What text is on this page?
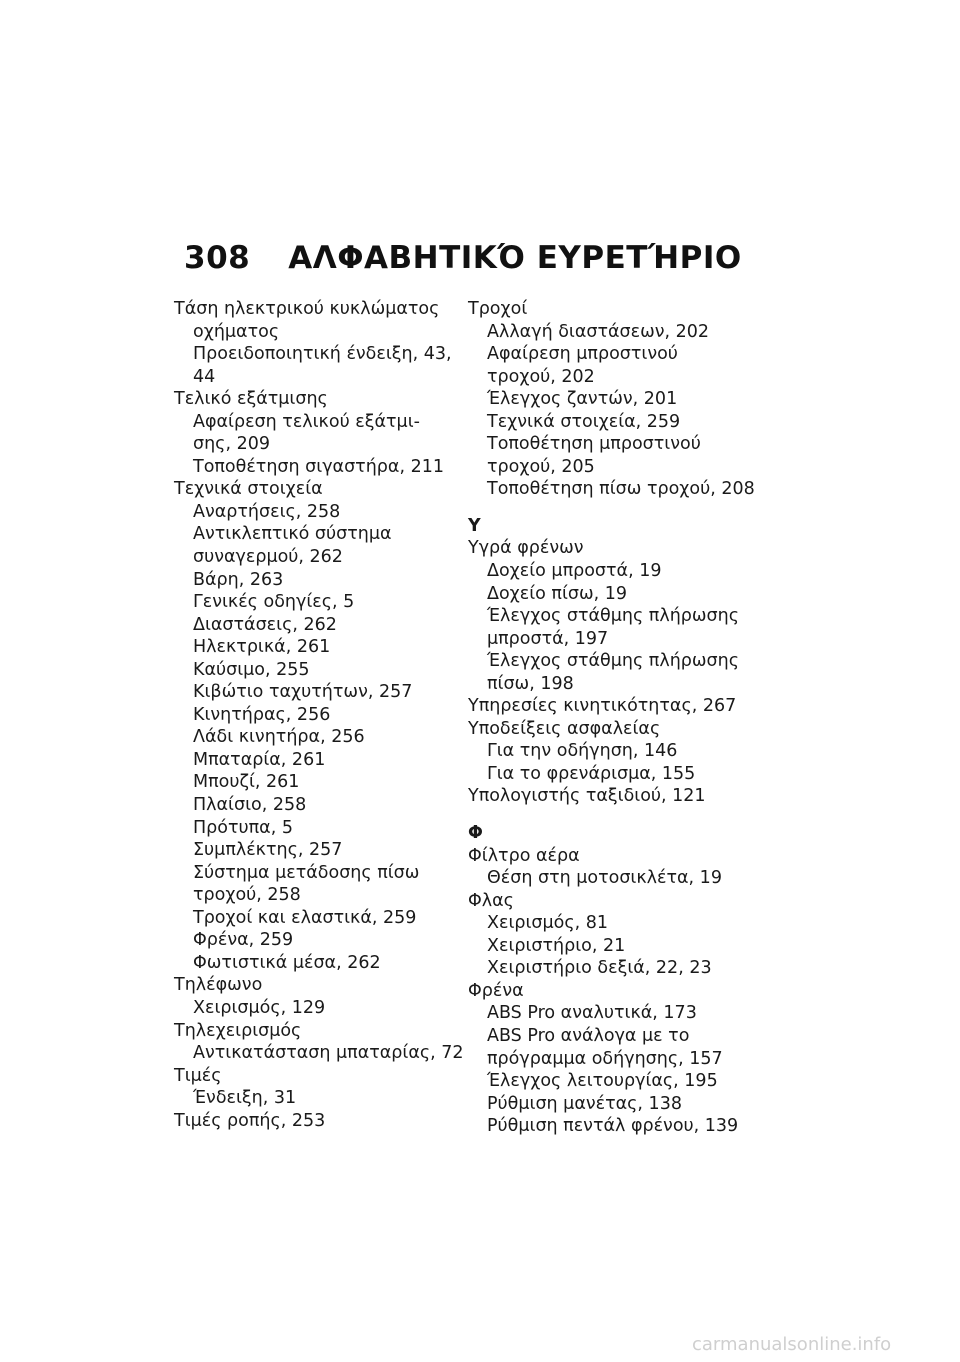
308 ΑΛΦΑΒΗΤΙΚΌ ΕΥΡΕΤΉΡΙΟ
Τάση ηλεκτρικού κυκλώματος
οχήματος
Προειδοποιητική ένδειξη, 43,
44
Τελικό εξάτμισης
Αφαίρεση τελικού εξάτμι-
σης, 209
Τοποθέτηση σιγαστήρα, 211
Τεχνικά στοιχεία
Αναρτήσεις, 258
Αντικλεπτικό σύστημα
συναγερμού, 262
Βάρη, 263
Γενικές οδηγίες, 5
Διαστάσεις, 262
Ηλεκτρικά, 261
Καύσιμο, 255
Κιβώτιο ταχυτήτων, 257
Κινητήρας, 256
Λάδι κινητήρα, 256
Μπαταρία, 261
Μπουζί, 261
Πλαίσιο, 258
Πρότυπα, 5
Συμπλέκτης, 257
Σύστημα μετάδοσης πίσω
τροχού, 258
Τροχοί και ελαστικά, 259
Φρένα, 259
Φωτιστικά μέσα, 262
Τηλέφωνο
Χειρισμός, 129
Τηλεχειρισμός
Αντικατάσταση μπαταρίας, 72
Τιμές
Ένδειξη, 31
Τιμές ροπής, 253
Τροχοί
Αλλαγή διαστάσεων, 202
Αφαίρεση μπροστινού
τροχού, 202
Έλεγχος ζαντών, 201
Τεχνικά στοιχεία, 259
Τοποθέτηση μπροστινού
τροχού, 205
Τοποθέτηση πίσω τροχού, 208
Υ
Υγρά φρένων
Δοχείο μπροστά, 19
Δοχείο πίσω, 19
Έλεγχος στάθμης πλήρωσης
μπροστά, 197
Έλεγχος στάθμης πλήρωσης
πίσω, 198
Υπηρεσίες κινητικότητας, 267
Υποδείξεις ασφαλείας
Για την οδήγηση, 146
Για το φρενάρισμα, 155
Υπολογιστής ταξιδιού, 121
Φ
Φίλτρο αέρα
Θέση στη μοτοσικλέτα, 19
Φλας
Χειρισμός, 81
Χειριστήριο, 21
Χειριστήριο δεξιά, 22, 23
Φρένα
ABS Pro αναλυτικά, 173
ABS Pro ανάλογα με το
πρόγραμμα οδήγησης, 157
Έλεγχος λειτουργίας, 195
Ρύθμιση μανέτας, 138
Ρύθμιση πεντάλ φρένου, 139
carmanualsonline.info
